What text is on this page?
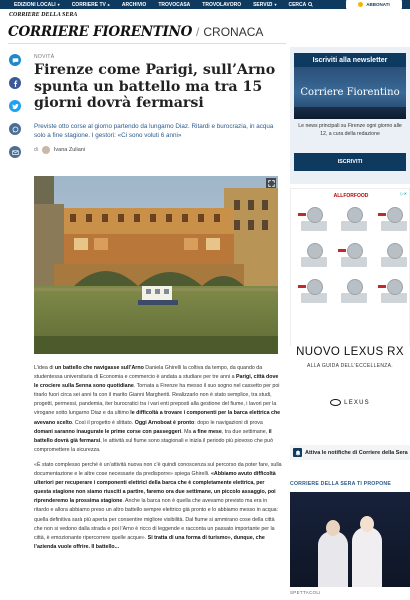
EDIZIONI LOCALI ▾ CORRIERE TV ▸ ARCHIVIO TROVOCASA TROVOLAVORO SERVIZI ▾ CERCA	ABBONATI
CORRIERE DELLA SERA
CORRIERE FIORENTINO / CRONACA
NOVITÀ
Firenze come Parigi, sull’Arno spunta un battello ma tra 15 giorni dovrà fermarsi
Previste otto corse al giorno partendo da lungarno Diaz. Ritardi e burocrazia, in acqua solo a fine stagione. I gestori: «Ci sono voluti 6 anni»
di	Ivana Zuliani

L’idea di un battello che navigasse sull’Arno Daniela Ghirelli la coltiva da tempo, da quando da studentessa universitaria di Economia e commercio è andata a studiare per tre anni a Parigi, città dove le crociere sulla Senna sono quotidiane. Tornata a Firenze ha messo il suo sogno nel cassetto per poi tirarlo fuori circa sei anni fa con il marito Gianni Margheriti. Realizzarlo non è stato semplice, tra studi, progetti, permessi, pandemia, iter burocratici tra i vari enti preposti alla gestione del fiume, i lavori per la virogane sotto lungarno Diaz e da ultimo le difficoltà a trovare i componenti per la barca elettrica che avevano scelto. Così il progetto è slittato. Oggi Arnoboat è pronto: dopo le navigazioni di prova domani saranno inaugurate le prime corse con passeggeri. Ma a fine mese, tra due settimane, il battello dovrà già fermarsi, le attività sul fiume sono stagionali e inizia il periodo più piovoso che può compromettere la sicurezza.

«È stato complesso perché è un’attività nuova non c’è quindi conoscenza sul percorso da poter fare, sulla documentazione e le altre cose necessarie da predisporre» spiega Ghirelli. «Abbiamo avuto difficoltà ulteriori per recuperare i componenti elettrici della barca che è completamente elettrica, per questa stagione non siamo riusciti a partire, faremo ora due settimane, un piccolo assaggio, poi riprenderemo la prossima stagione. Anche la barca non è quella che avevamo previsto ma era in ritardo e allora abbiamo preso un altro battello sempre elettrico già pronto e lo abbiamo messo in acqua: quella definitiva sarà più aperta per consentire migliore visibilità. Dal fiume si ammirano cose della città che non si vedono dalla strada e poi l’Arno è ricco di leggende e racconta un passato importante per la città, è emozionante ripercorrere quelle acque». Si tratta di una forma di turismo», dunque, che l’azienda vuole offrire. Il battello...

Iscriviti alla newsletter
Corriere Fiorentino
Le news principali su Firenze ogni giorno alle 12, a cura della redazione
ISCRIVITI
▷✕
ALLFORFOOD
NUOVO LEXUS RX
ALLA GUIDA DELL’ECCELLENZA.
LEXUS
Attiva le notifiche di Corriere della Sera
CORRIERE DELLA SERA TI PROPONE
SPETTACOLI
